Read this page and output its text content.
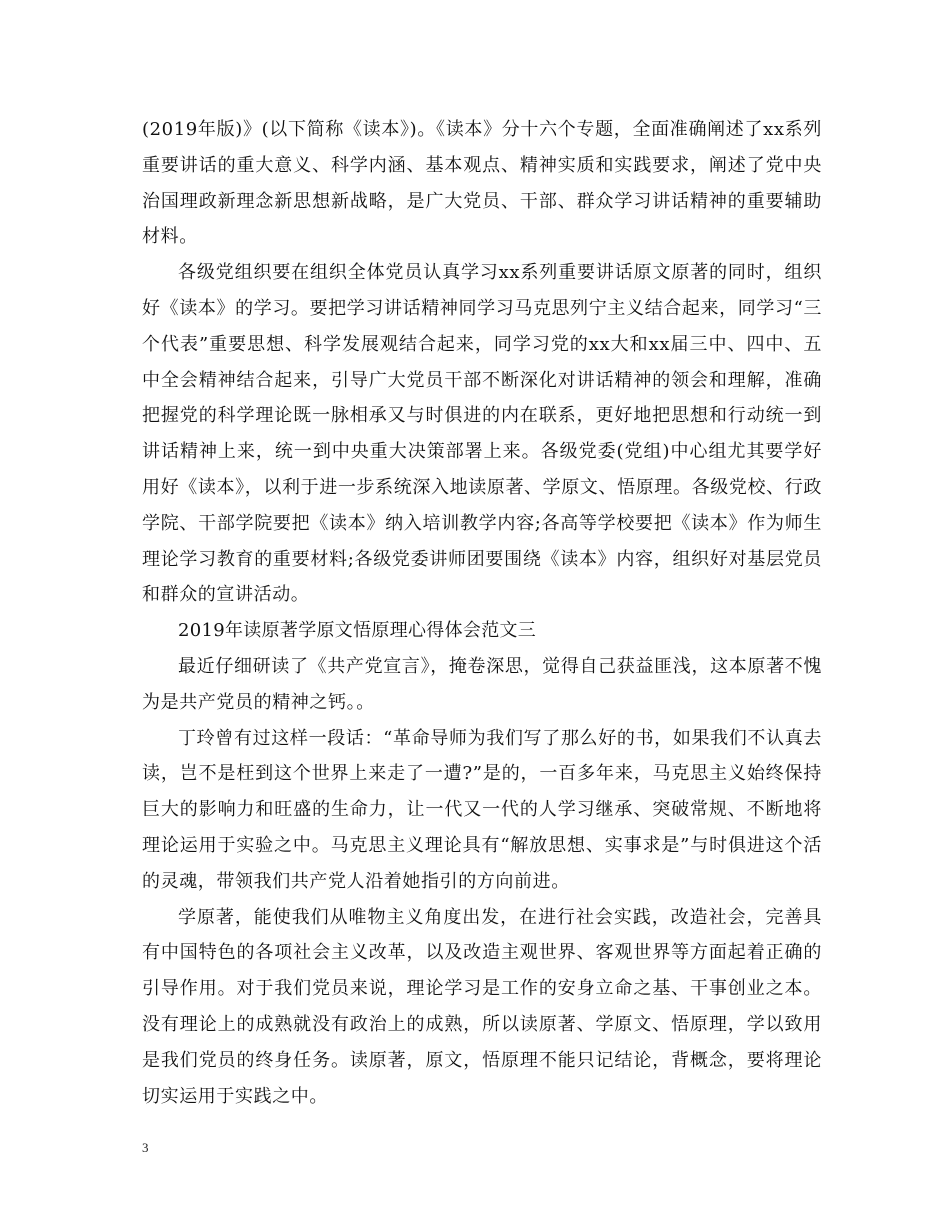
(2019年版)》(以下简称《读本》)。《读本》分十六个专题，全面准确阐述了xx系列重要讲话的重大意义、科学内涵、基本观点、精神实质和实践要求，阐述了党中央治国理政新理念新思想新战略，是广大党员、干部、群众学习讲话精神的重要辅助材料。

各级党组织要在组织全体党员认真学习xx系列重要讲话原文原著的同时，组织好《读本》的学习。要把学习讲话精神同学习马克思列宁主义结合起来，同学习“三个代表”重要思想、科学发展观结合起来，同学习党的xx大和xx届三中、四中、五中全会精神结合起来，引导广大党员干部不断深化对讲话精神的领会和理解，准确把握党的科学理论既一脉相承又与时俱进的内在联系，更好地把思想和行动统一到讲话精神上来，统一到中央重大决策部署上来。各级党委(党组)中心组尤其要学好用好《读本》，以利于进一步系统深入地读原著、学原文、悟原理。各级党校、行政学院、干部学院要把《读本》纳入培训教学内容;各高等学校要把《读本》作为师生理论学习教育的重要材料;各级党委讲师团要围绕《读本》内容，组织好对基层党员和群众的宣讲活动。

2019年读原著学原文悟原理心得体会范文三

最近仔细研读了《共产党宣言》，掩卷深思，觉得自己获益匪浅，这本原著不愧为是共产党员的精神之钙。。

丁玲曾有过这样一段话：“革命导师为我们写了那么好的书，如果我们不认真去读，岂不是枉到这个世界上来走了一遭?”是的，一百多年来，马克思主义始终保持巨大的影响力和旺盛的生命力，让一代又一代的人学习继承、突破常规、不断地将理论运用于实验之中。马克思主义理论具有“解放思想、实事求是”与时俱进这个活的灵魂，带领我们共产党人沿着她指引的方向前进。

学原著，能使我们从唯物主义角度出发，在进行社会实践，改造社会，完善具有中国特色的各项社会主义改革，以及改造主观世界、客观世界等方面起着正确的引导作用。对于我们党员来说，理论学习是工作的安身立命之基、干事创业之本。没有理论上的成熟就没有政治上的成熟，所以读原著、学原文、悟原理，学以致用是我们党员的终身任务。读原著，原文，悟原理不能只记结论，背概念，要将理论切实运用于实践之中。

3
